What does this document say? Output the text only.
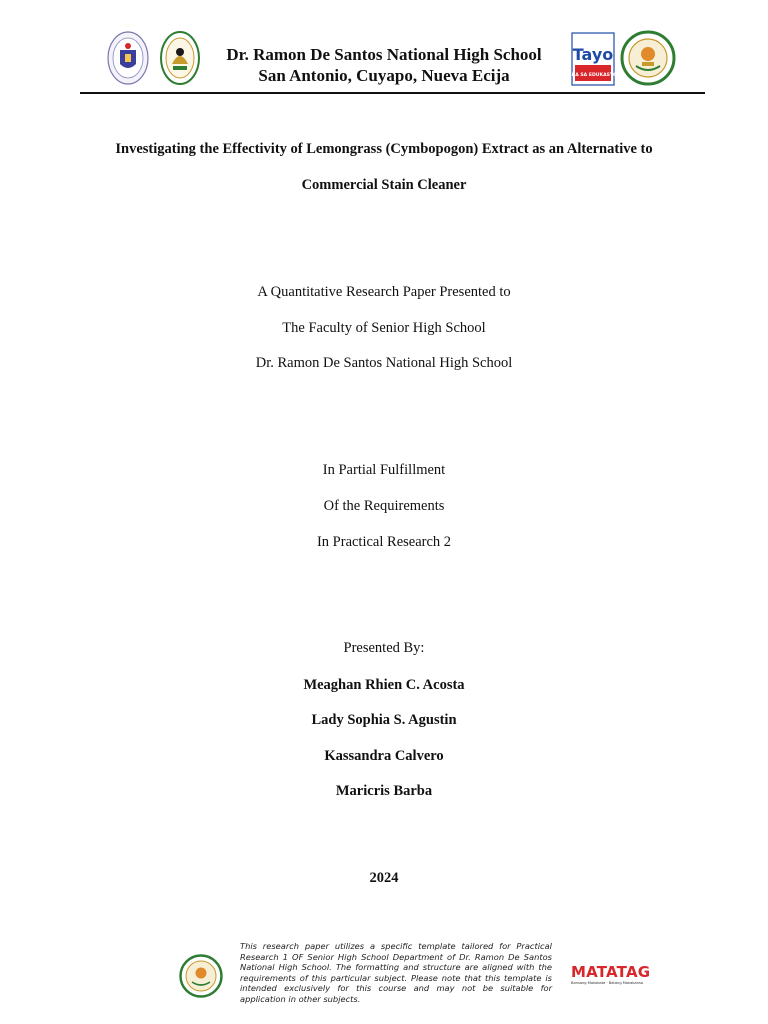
Dr. Ramon De Santos National High School
San Antonio, Cuyapo, Nueva Ecija
Tayo
PARA SA EDUKASYON
Investigating the Effectivity of Lemongrass (Cymbopogon) Extract as an Alternative to
Commercial Stain Cleaner
A Quantitative Research Paper Presented to
The Faculty of Senior High School
Dr. Ramon De Santos National High School
In Partial Fulfillment
Of the Requirements
In Practical Research 2
Presented By:
Meaghan Rhien C. Acosta
Lady Sophia S. Agustin
Kassandra Calvero
Maricris Barba
2024
This research paper utilizes a specific template tailored for Practical Research 1 OF Senior High School Department of Dr. Ramon De Santos National High School. The formatting and structure are aligned with the requirements of this particular subject. Please note that this template is intended exclusively for this course and may not be suitable for application in other subjects.
MATATAG
Bansang Makabata · Batang Makabansa
